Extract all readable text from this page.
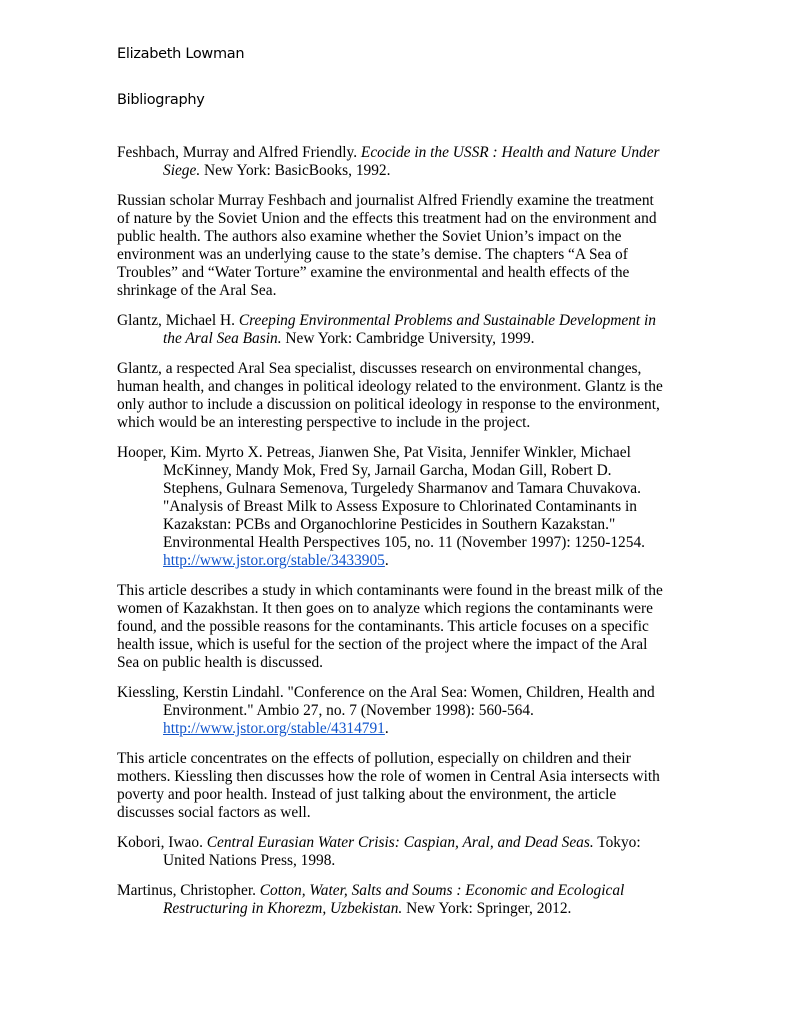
Elizabeth Lowman
Bibliography
Feshbach, Murray and Alfred Friendly. Ecocide in the USSR : Health and Nature Under
Siege. New York: BasicBooks, 1992.
Russian scholar Murray Feshbach and journalist Alfred Friendly examine the treatment
of nature by the Soviet Union and the effects this treatment had on the environment and
public health. The authors also examine whether the Soviet Union’s impact on the
environment was an underlying cause to the state’s demise. The chapters “A Sea of
Troubles” and “Water Torture” examine the environmental and health effects of the
shrinkage of the Aral Sea.
Glantz, Michael H. Creeping Environmental Problems and Sustainable Development in
the Aral Sea Basin. New York: Cambridge University, 1999.
Glantz, a respected Aral Sea specialist, discusses research on environmental changes,
human health, and changes in political ideology related to the environment. Glantz is the
only author to include a discussion on political ideology in response to the environment,
which would be an interesting perspective to include in the project.
Hooper, Kim. Myrto X. Petreas, Jianwen She, Pat Visita, Jennifer Winkler, Michael
McKinney, Mandy Mok, Fred Sy, Jarnail Garcha, Modan Gill, Robert D.
Stephens, Gulnara Semenova, Turgeledy Sharmanov and Tamara Chuvakova.
"Analysis of Breast Milk to Assess Exposure to Chlorinated Contaminants in
Kazakstan: PCBs and Organochlorine Pesticides in Southern Kazakstan."
Environmental Health Perspectives 105, no. 11 (November 1997): 1250-1254.
http://www.jstor.org/stable/3433905.
This article describes a study in which contaminants were found in the breast milk of the
women of Kazakhstan. It then goes on to analyze which regions the contaminants were
found, and the possible reasons for the contaminants. This article focuses on a specific
health issue, which is useful for the section of the project where the impact of the Aral
Sea on public health is discussed.
Kiessling, Kerstin Lindahl. "Conference on the Aral Sea: Women, Children, Health and
Environment." Ambio 27, no. 7 (November 1998): 560-564.
http://www.jstor.org/stable/4314791.
This article concentrates on the effects of pollution, especially on children and their
mothers. Kiessling then discusses how the role of women in Central Asia intersects with
poverty and poor health. Instead of just talking about the environment, the article
discusses social factors as well.
Kobori, Iwao. Central Eurasian Water Crisis: Caspian, Aral, and Dead Seas. Tokyo:
United Nations Press, 1998.
Martinus, Christopher. Cotton, Water, Salts and Soums : Economic and Ecological
Restructuring in Khorezm, Uzbekistan. New York: Springer, 2012.
